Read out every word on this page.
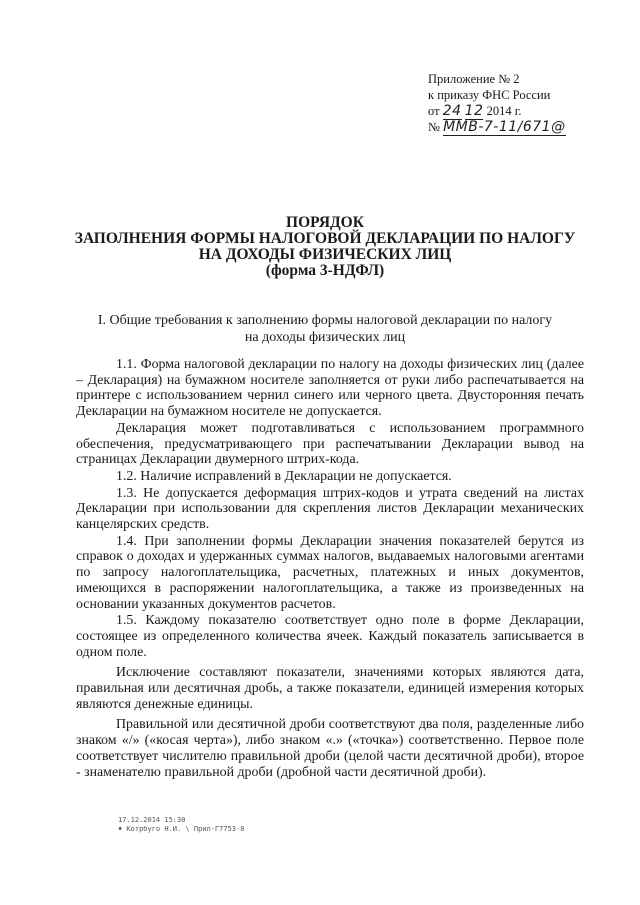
Приложение № 2
к приказу ФНС России
от 24 12 2014 г.
№ ММВ-7-11/671@
ПОРЯДОК
ЗАПОЛНЕНИЯ ФОРМЫ НАЛОГОВОЙ ДЕКЛАРАЦИИ ПО НАЛОГУ
НА ДОХОДЫ ФИЗИЧЕСКИХ ЛИЦ
(форма 3-НДФЛ)
I. Общие требования к заполнению формы налоговой декларации по налогу
на доходы физических лиц

1.1. Форма налоговой декларации по налогу на доходы физических лиц (далее – Декларация) на бумажном носителе заполняется от руки либо распечатывается на принтере с использованием чернил синего или черного цвета. Двусторонняя печать Декларации на бумажном носителе не допускается.

Декларация может подготавливаться с использованием программного обеспечения, предусматривающего при распечатывании Декларации вывод на страницах Декларации двумерного штрих-кода.

1.2. Наличие исправлений в Декларации не допускается.

1.3. Не допускается деформация штрих-кодов и утрата сведений на листах Декларации при использовании для скрепления листов Декларации механических канцелярских средств.

1.4. При заполнении формы Декларации значения показателей берутся из справок о доходах и удержанных суммах налогов, выдаваемых налоговыми агентами по запросу налогоплательщика, расчетных, платежных и иных документов, имеющихся в распоряжении налогоплательщика, а также из произведенных на основании указанных документов расчетов.

1.5. Каждому показателю соответствует одно поле в форме Декларации, состоящее из определенного количества ячеек. Каждый показатель записывается в одном поле.

Исключение составляют показатели, значениями которых являются дата, правильная или десятичная дробь, а также показатели, единицей измерения которых являются денежные единицы.

Правильной или десятичной дроби соответствуют два поля, разделенные либо знаком «/» («косая черта»), либо знаком «.» («точка») соответственно. Первое поле соответствует числителю правильной дроби (целой части десятичной дроби), второе - знаменателю правильной дроби (дробной части десятичной дроби).

17.12.2014 15:30
♦ Котрбуго Н.И. \ Прил-Г7753-0
